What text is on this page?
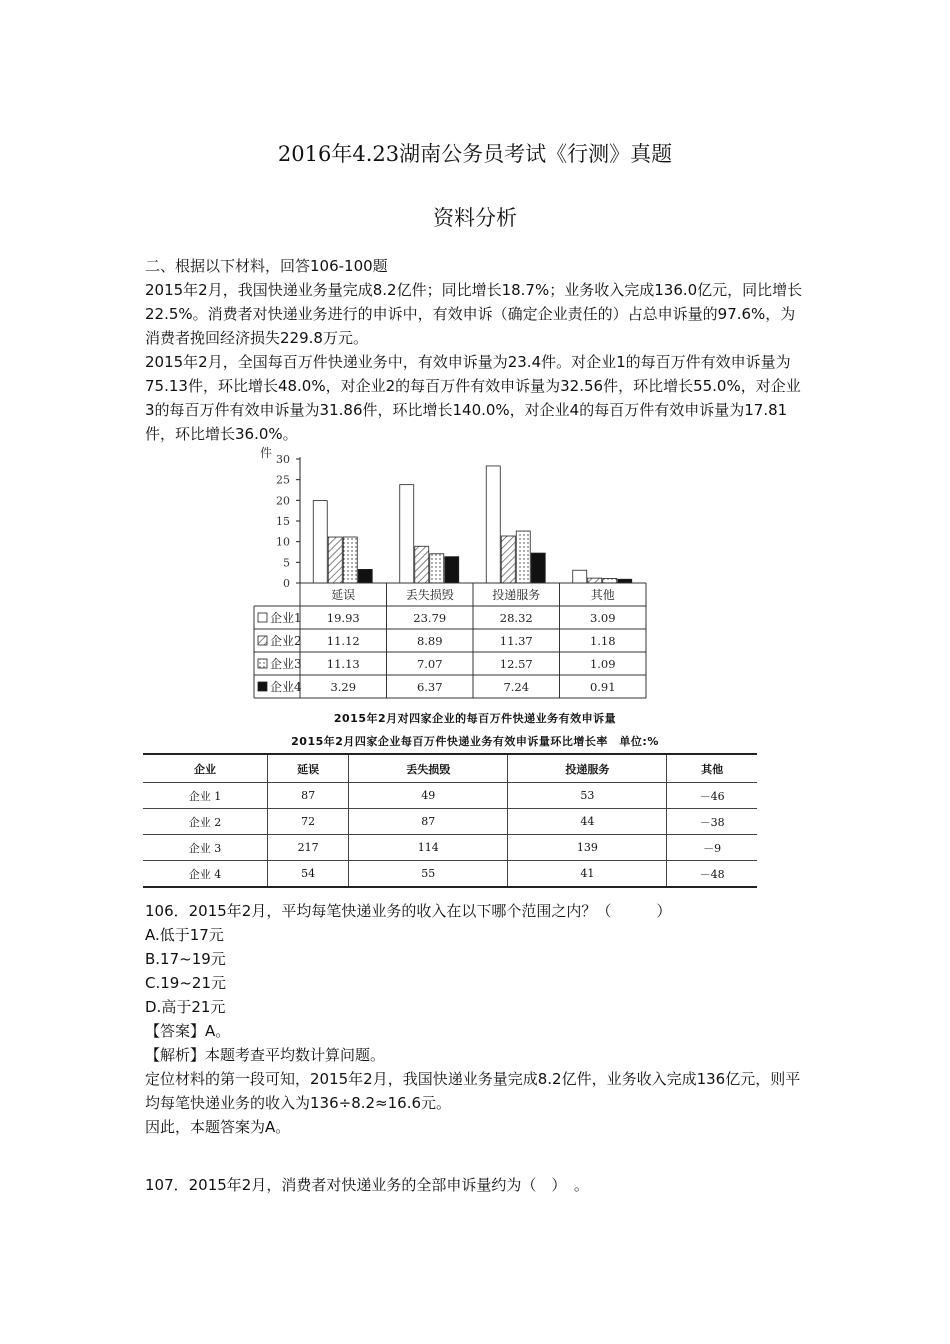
2016年4.23湖南公务员考试《行测》真题
资料分析

二、根据以下材料，回答106-100题

2015年2月，我国快递业务量完成8.2亿件；同比增长18.7%；业务收入完成136.0亿元，同比增长22.5%。消费者对快递业务进行的申诉中，有效申诉（确定企业责任的）占总申诉量的97.6%，为消费者挽回经济损失229.8万元。

2015年2月，全国每百万件快递业务中，有效申诉量为23.4件。对企业1的每百万件有效申诉量为75.13件，环比增长48.0%，对企业2的每百万件有效申诉量为32.56件，环比增长55.0%，对企业3的每百万件有效申诉量为31.86件，环比增长140.0%，对企业4的每百万件有效申诉量为17.81件，环比增长36.0%。

件 30
25
20
15
10
5
0
延误	丢失损毁	投递服务	其他
企业1 19.93	23.79	28.32	3.09
企业2 11.12	8.89	11.37	1.18
企业3 11.13	7.07	12.57	1.09
企业4	3.29	6.37	7.24	0.91
2015年2月对四家企业的每百万件快递业务有效申诉量
2015年2月四家企业每百万件快递业务有效申诉量环比增长率　单位:%
企业	延误	丢失损毁	投递服务	其他
企业 1	87	49	53	－46
企业 2	72	87	44	－38
企业 3	217	114	139	－9
企业 4	54	55	41	－48

106．2015年2月，平均每笔快递业务的收入在以下哪个范围之内？（　　　）

A.低于17元

B.17~19元

C.19~21元

D.高于21元

【答案】A。

【解析】本题考查平均数计算问题。

定位材料的第一段可知，2015年2月，我国快递业务量完成8.2亿件，业务收入完成136亿元，则平均每笔快递业务的收入为136÷8.2≈16.6元。

因此，本题答案为A。

107．2015年2月，消费者对快递业务的全部申诉量约为（　）　。
